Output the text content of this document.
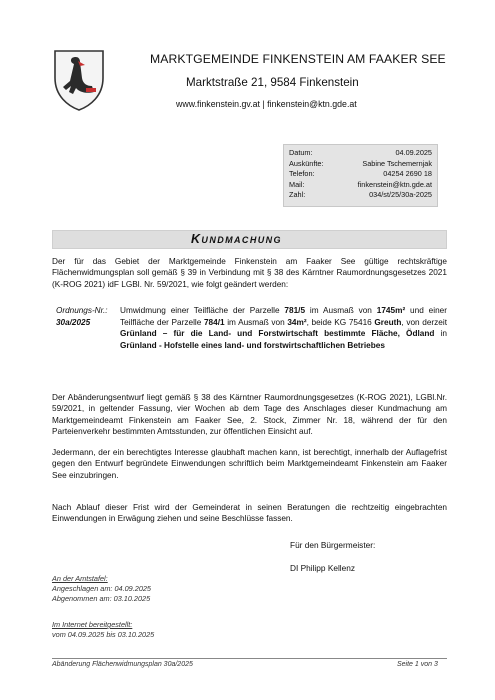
MARKTGEMEINDE FINKENSTEIN AM FAAKER SEE
Marktstraße 21, 9584 Finkenstein
www.finkenstein.gv.at | finkenstein@ktn.gde.at
Datum:	04.09.2025
Auskünfte:	Sabine Tschemernjak
Telefon:	04254 2690 18
Mail:	finkenstein@ktn.gde.at
Zahl:	034/st/25/30a-2025
Kundmachung
Der für das Gebiet der Marktgemeinde Finkenstein am Faaker See gültige rechtskräftige Flächenwidmungsplan soll gemäß § 39 in Verbindung mit § 38 des Kärntner Raumordnungsgesetzes 2021 (K-ROG 2021) idF LGBl. Nr. 59/2021, wie folgt geändert werden:
Ordnungs-Nr.: 30a/2025
Umwidmung einer Teilfläche der Parzelle 781/5 im Ausmaß von 1745m² und einer Teilfläche der Parzelle 784/1 im Ausmaß von 34m², beide KG 75416 Greuth, von derzeit Grünland – für die Land- und Forstwirtschaft bestimmte Fläche, Ödland in Grünland - Hofstelle eines land- und forstwirtschaftlichen Betriebes
Der Abänderungsentwurf liegt gemäß § 38 des Kärntner Raumordnungsgesetzes (K-ROG 2021), LGBl.Nr. 59/2021, in geltender Fassung, vier Wochen ab dem Tage des Anschlages dieser Kundmachung am Marktgemeindeamt Finkenstein am Faaker See, 2. Stock, Zimmer Nr. 18, während der für den Parteienverkehr bestimmten Amtsstunden, zur öffentlichen Einsicht auf.
Jedermann, der ein berechtigtes Interesse glaubhaft machen kann, ist berechtigt, innerhalb der Auflagefrist gegen den Entwurf begründete Einwendungen schriftlich beim Marktgemeindeamt Finkenstein am Faaker See einzubringen.
Nach Ablauf dieser Frist wird der Gemeinderat in seinen Beratungen die rechtzeitig eingebrachten Einwendungen in Erwägung ziehen und seine Beschlüsse fassen.
Für den Bürgermeister:
DI Philipp Kellenz
An der Amtstafel:
Angeschlagen am: 04.09.2025
Abgenommen am: 03.10.2025
Im Internet bereitgestellt:
vom 04.09.2025 bis 03.10.2025
Abänderung Flächenwidmungsplan 30a/2025	Seite 1 von 3
